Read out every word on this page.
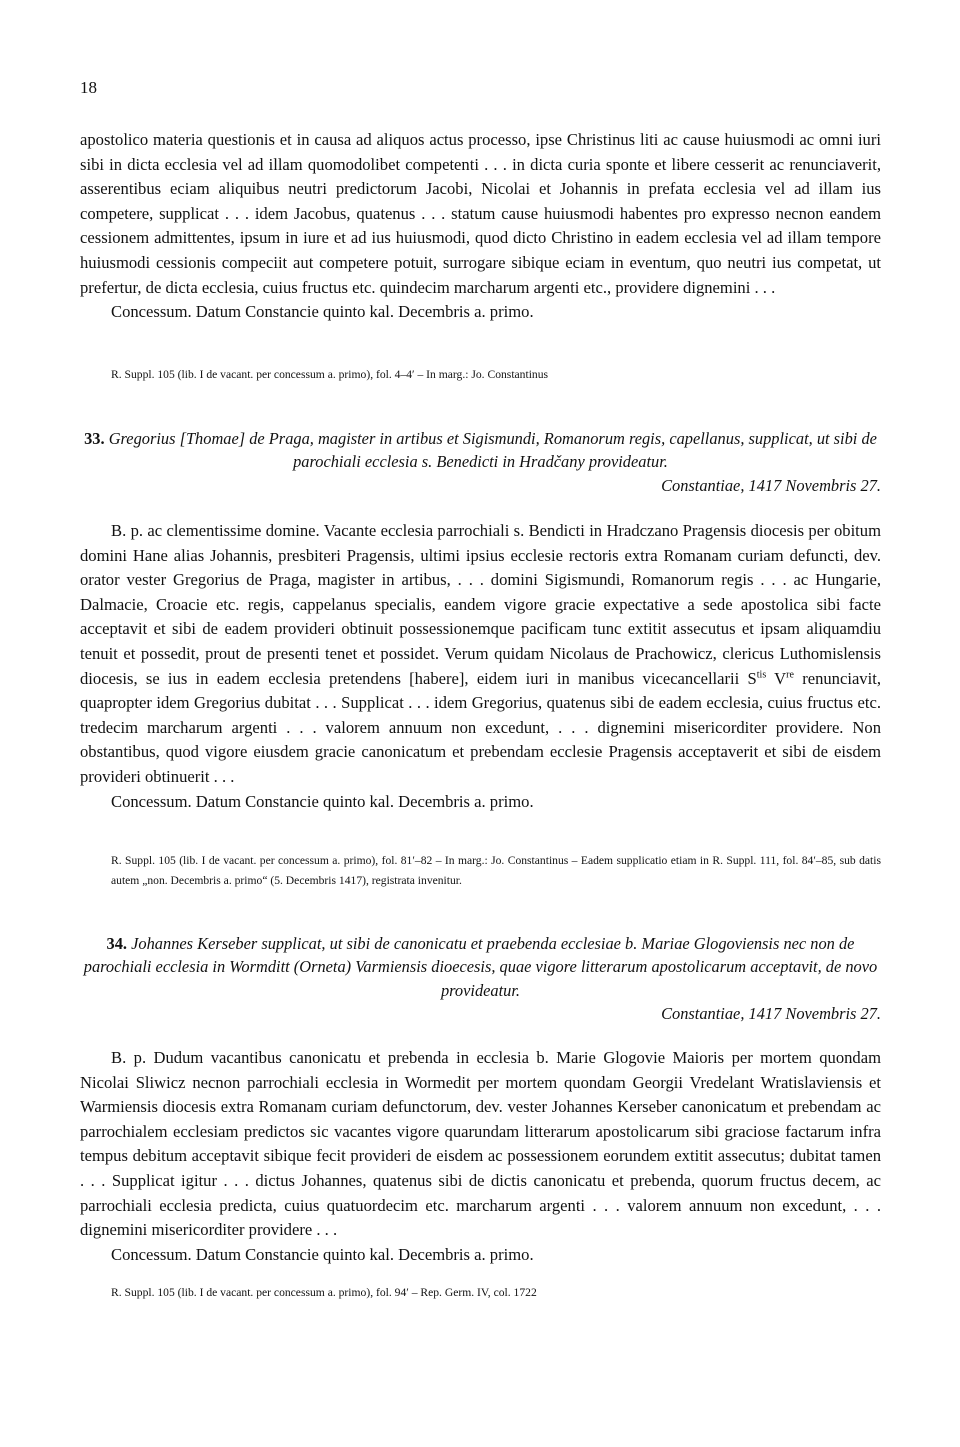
18

apostolico materia questionis et in causa ad aliquos actus processo, ipse Christinus liti ac cause huiusmodi ac omni iuri sibi in dicta ecclesia vel ad illam quomodolibet competenti . . . in dicta curia sponte et libere cesserit ac renunciaverit, asserentibus eciam aliquibus neutri predictorum Jacobi, Nicolai et Johannis in prefata ecclesia vel ad illam ius competere, supplicat . . . idem Jacobus, quatenus . . . statum cause huiusmodi habentes pro expresso necnon eandem cessionem admittentes, ipsum in iure et ad ius huiusmodi, quod dicto Christino in eadem ecclesia vel ad illam tempore huiusmodi cessionis compeciit aut competere potuit, surrogare sibique eciam in eventum, quo neutri ius competat, ut prefertur, de dicta ecclesia, cuius fructus etc. quindecim marcharum argenti etc., providere dignemini . . .

Concessum. Datum Constancie quinto kal. Decembris a. primo.

R. Suppl. 105 (lib. I de vacant. per concessum a. primo), fol. 4–4′ – In marg.: Jo. Constantinus

33. Gregorius [Thomae] de Praga, magister in artibus et Sigismundi, Romanorum regis, capellanus, supplicat, ut sibi de parochiali ecclesia s. Benedicti in Hradčany provideatur.

Constantiae, 1417 Novembris 27.

B. p. ac clementissime domine. Vacante ecclesia parrochiali s. Bendicti in Hradczano Pragensis diocesis per obitum domini Hane alias Johannis, presbiteri Pragensis, ultimi ipsius ecclesie rectoris extra Romanam curiam defuncti, dev. orator vester Gregorius de Praga, magister in artibus, . . . domini Sigismundi, Romanorum regis . . . ac Hungarie, Dalmacie, Croacie etc. regis, cappelanus specialis, eandem vigore gracie expectative a sede apostolica sibi facte acceptavit et sibi de eadem provideri obtinuit possessionemque pacificam tunc extitit assecutus et ipsam aliquamdiu tenuit et possedit, prout de presenti tenet et possidet. Verum quidam Nicolaus de Prachowicz, clericus Luthomislensis diocesis, se ius in eadem ecclesia pretendens [habere], eidem iuri in manibus vicecancellarii $S^{tis}$ Vre renunciavit, quapropter idem Gregorius dubitat . . . Supplicat . . . idem Gregorius, quatenus sibi de eadem ecclesia, cuius fructus etc. tredecim marcharum argenti . . . valorem annuum non excedunt, . . . dignemini misericorditer providere. Non obstantibus, quod vigore eiusdem gracie canonicatum et prebendam ecclesie Pragensis acceptaverit et sibi de eisdem provideri obtinuerit . . .

Concessum. Datum Constancie quinto kal. Decembris a. primo.

R. Suppl. 105 (lib. I de vacant. per concessum a. primo), fol. 81′–82 – In marg.: Jo. Constantinus – Eadem supplicatio etiam in R. Suppl. 111, fol. 84′–85, sub datis autem „non. Decembris a. primo“ (5. Decembris 1417), registrata invenitur.

34. Johannes Kerseber supplicat, ut sibi de canonicatu et praebenda ecclesiae b. Mariae Glogoviensis nec non de parochiali ecclesia in Wormditt (Orneta) Varmiensis dioecesis, quae vigore litterarum apostolicarum acceptavit, de novo provideatur.

Constantiae, 1417 Novembris 27.

B. p. Dudum vacantibus canonicatu et prebenda in ecclesia b. Marie Glogovie Maioris per mortem quondam Nicolai Sliwicz necnon parrochiali ecclesia in Wormedit per mortem quondam Georgii Vredelant Wratislaviensis et Warmiensis diocesis extra Romanam curiam defunctorum, dev. vester Johannes Kerseber canonicatum et prebendam ac parrochialem ecclesiam predictos sic vacantes vigore quarundam litterarum apostolicarum sibi graciose factarum infra tempus debitum acceptavit sibique fecit provideri de eisdem ac possessionem eorundem extitit assecutus; dubitat tamen . . . Supplicat igitur . . . dictus Johannes, quatenus sibi de dictis canonicatu et prebenda, quorum fructus decem, ac parrochiali ecclesia predicta, cuius quatuordecim etc. marcharum argenti . . . valorem annuum non excedunt, . . . dignemini misericorditer providere . . .

Concessum. Datum Constancie quinto kal. Decembris a. primo.

R. Suppl. 105 (lib. I de vacant. per concessum a. primo), fol. 94′ – Rep. Germ. IV, col. 1722
